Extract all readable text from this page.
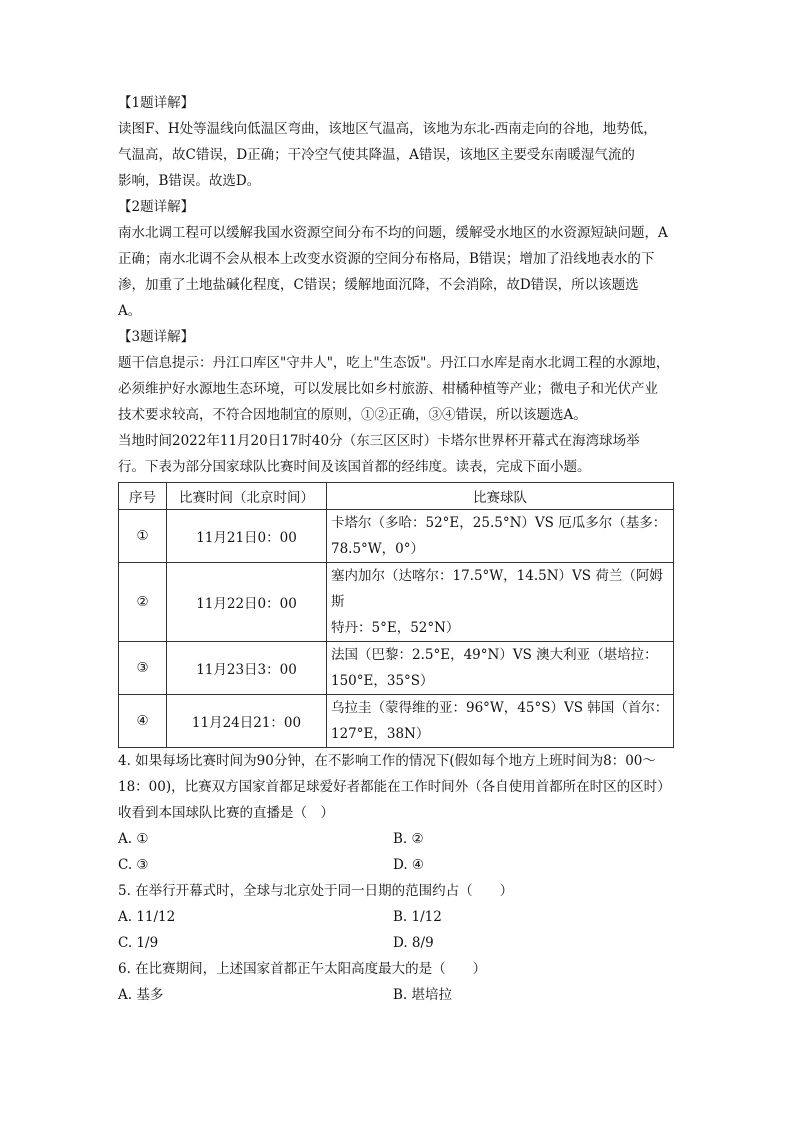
【1题详解】

读图F、H处等温线向低温区弯曲，该地区气温高，该地为东北-西南走向的谷地，地势低，

气温高，故C错误，D正确；干冷空气使其降温，A错误，该地区主要受东南暖湿气流的

影响，B错误。故选D。

【2题详解】

南水北调工程可以缓解我国水资源空间分布不均的问题，缓解受水地区的水资源短缺问题，A

正确；南水北调不会从根本上改变水资源的空间分布格局，B错误；增加了沿线地表水的下

渗，加重了土地盐碱化程度，C错误；缓解地面沉降，不会消除，故D错误，所以该题选

A。

【3题详解】

题干信息提示：丹江口库区"守井人"，吃上"生态饭"。丹江口水库是南水北调工程的水源地，

必须维护好水源地生态环境，可以发展比如乡村旅游、柑橘种植等产业；微电子和光伏产业

技术要求较高，不符合因地制宜的原则，①②正确，③④错误，所以该题选A。

当地时间2022年11月20日17时40分（东三区区时）卡塔尔世界杯开幕式在海湾球场举

行。下表为部分国家球队比赛时间及该国首都的经纬度。读表，完成下面小题。

序号	比赛时间（北京时间）	比赛球队
①	11月21日0：00	卡塔尔（多哈：52°E，25.5°N）VS 厄瓜多尔（基多：
78.5°W，0°）

②	11月22日0：00	塞内加尔（达喀尔：17.5°W，14.5N）VS 荷兰（阿姆斯
特丹：5°E，52°N）

③	11月23日3：00	法国（巴黎：2.5°E，49°N）VS 澳大利亚（堪培拉：
150°E，35°S）

④	11月24日21：00	乌拉圭（蒙得维的亚：96°W，45°S）VS 韩国（首尔：
127°E，38N）

4. 如果每场比赛时间为90分钟，在不影响工作的情况下(假如每个地方上班时间为8：00～

18：00)，比赛双方国家首都足球爱好者都能在工作时间外（各自使用首都所在时区的区时）

收看到本国球队比赛的直播是（　）

A. ①	B. ②
C. ③	D. ④

5. 在举行开幕式时，全球与北京处于同一日期的范围约占（　　）

A. 11/12	B. 1/12
C. 1/9	D. 8/9

6. 在比赛期间，上述国家首都正午太阳高度最大的是（　　）

A. 基多	B. 堪培拉
